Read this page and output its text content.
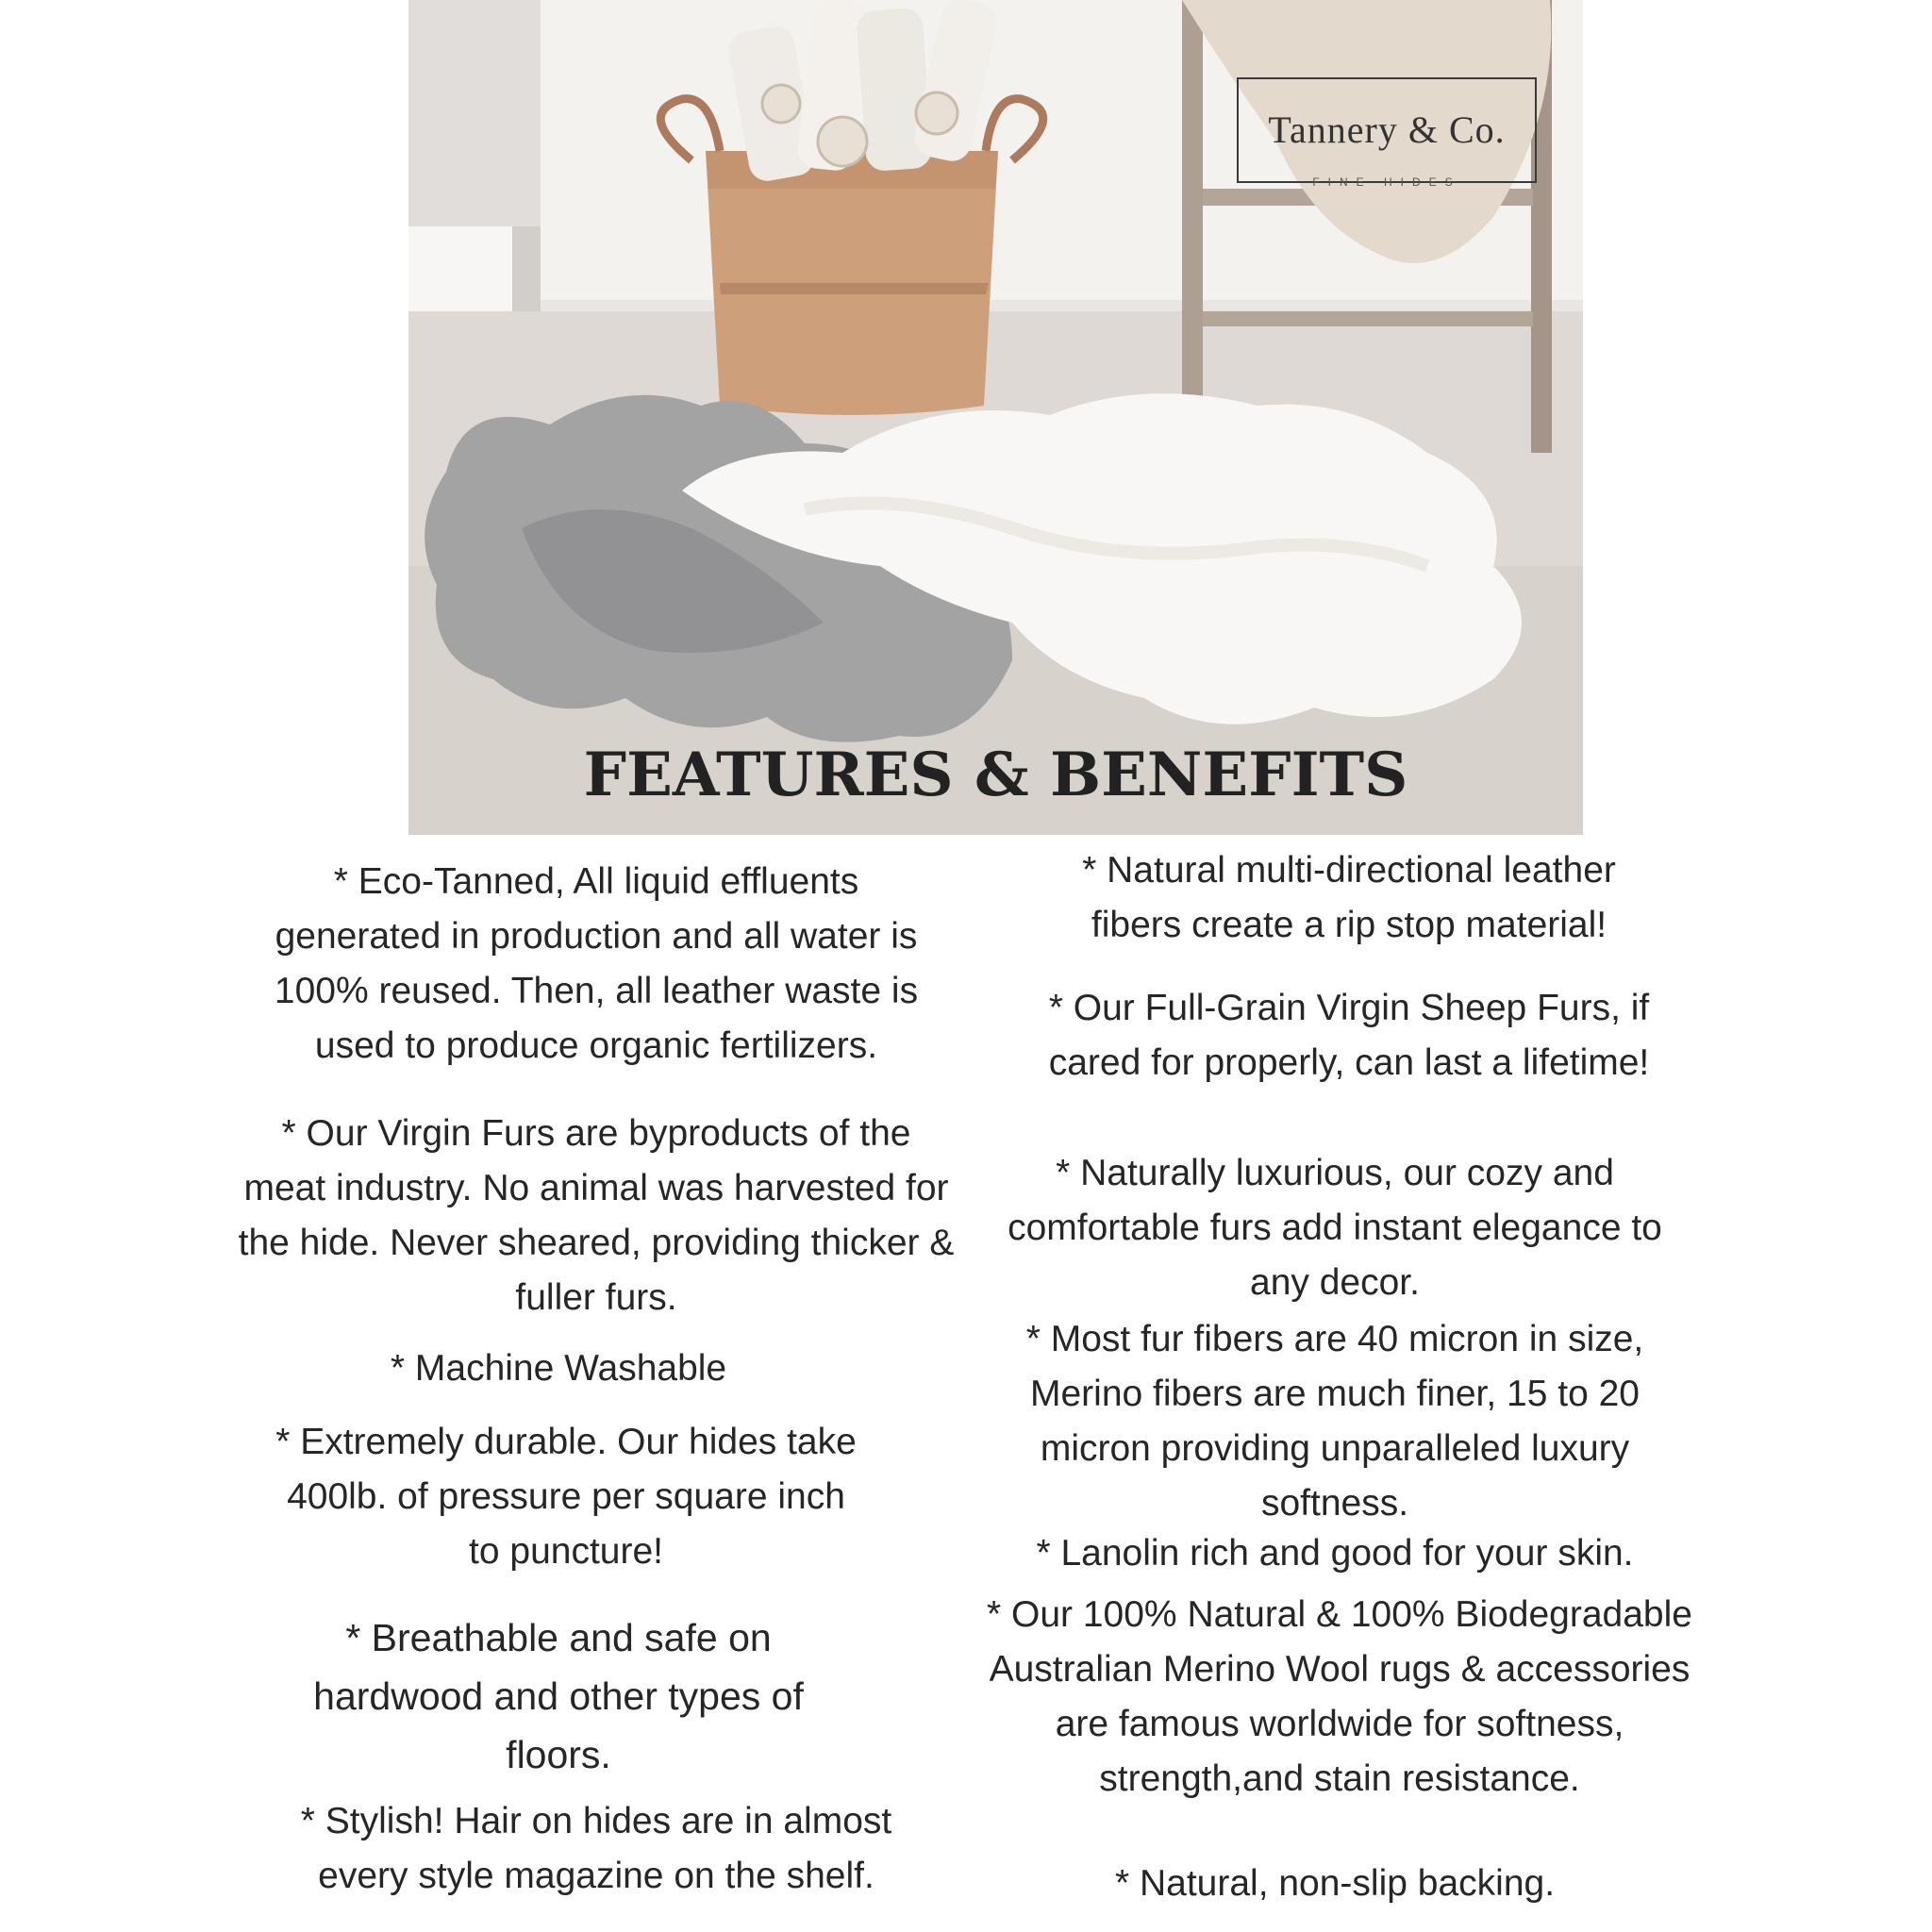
Tannery & Co.
FINE HIDES
FEATURES & BENEFITS
* Eco-Tanned, All liquid effluents generated in production and all water is 100% reused. Then, all leather waste is used to produce organic fertilizers.
* Our Virgin Furs are byproducts of the meat industry. No animal was harvested for the hide. Never sheared, providing thicker & fuller furs.
* Machine Washable
* Extremely durable. Our hides take 400lb. of pressure per square inch to puncture!
* Breathable and safe on hardwood and other types of floors.
* Stylish! Hair on hides are in almost every style magazine on the shelf.
* Natural multi-directional leather fibers create a rip stop material!
* Our Full-Grain Virgin Sheep Furs, if cared for properly, can last a lifetime!
* Naturally luxurious, our cozy and comfortable furs add instant elegance to any decor.
* Most fur fibers are 40 micron in size, Merino fibers are much finer, 15 to 20 micron providing unparalleled luxury softness.
* Lanolin rich and good for your skin.
* Our 100% Natural & 100% Biodegradable Australian Merino Wool rugs & accessories are famous worldwide for softness, strength,and stain resistance.
* Natural, non-slip backing.
